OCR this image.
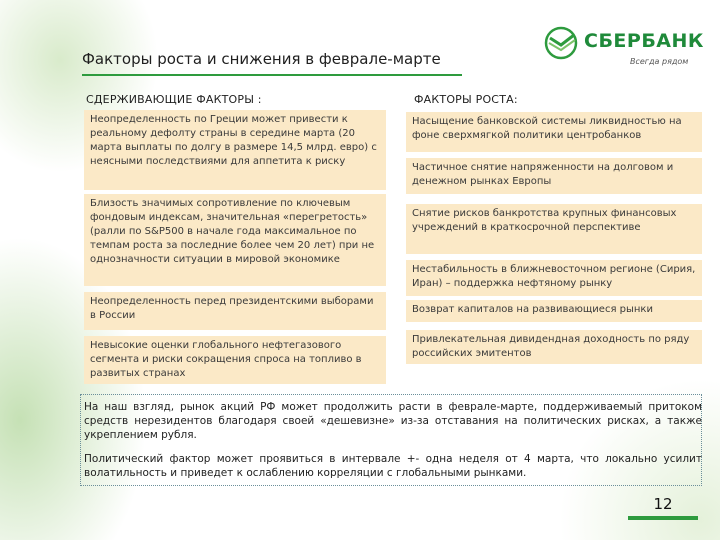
Факторы роста и снижения в феврале-марте
СБЕРБАНК
Всегда рядом
СДЕРЖИВАЮЩИЕ ФАКТОРЫ :	ФАКТОРЫ РОСТА:
Неопределенность по Греции может привести к реальному дефолту страны в середине марта (20 марта выплаты по долгу в размере 14,5 млрд. евро) с неясными последствиями для аппетита к риску
Близость значимых сопротивление по ключевым фондовым индексам, значительная «перегретость» (ралли по S&P500 в начале года максимальное по темпам роста за последние более чем 20 лет) при не однозначности ситуации в мировой экономике
Неопределенность перед президентскими выборами в России
Невысокие оценки глобального нефтегазового сегмента и риски сокращения спроса на топливо в развитых странах
Насыщение банковской системы ликвидностью на фоне сверхмягкой политики центробанков
Частичное снятие напряженности на долговом и денежном рынках Европы
Снятие рисков банкротства крупных финансовых учреждений в краткосрочной перспективе
Нестабильность в ближневосточном регионе (Сирия, Иран) – поддержка нефтяному рынку
Возврат капиталов на развивающиеся рынки
Привлекательная дивидендная доходность по ряду российских эмитентов
На наш взгляд, рынок акций РФ может продолжить расти в феврале-марте, поддерживаемый притоком средств нерезидентов благодаря своей «дешевизне» из-за отставания на политических рисках, а также укреплением рубля.
Политический фактор может проявиться в интервале +- одна неделя от 4 марта, что локально усилит волатильность и приведет к ослаблению корреляции с глобальными рынками.
12
